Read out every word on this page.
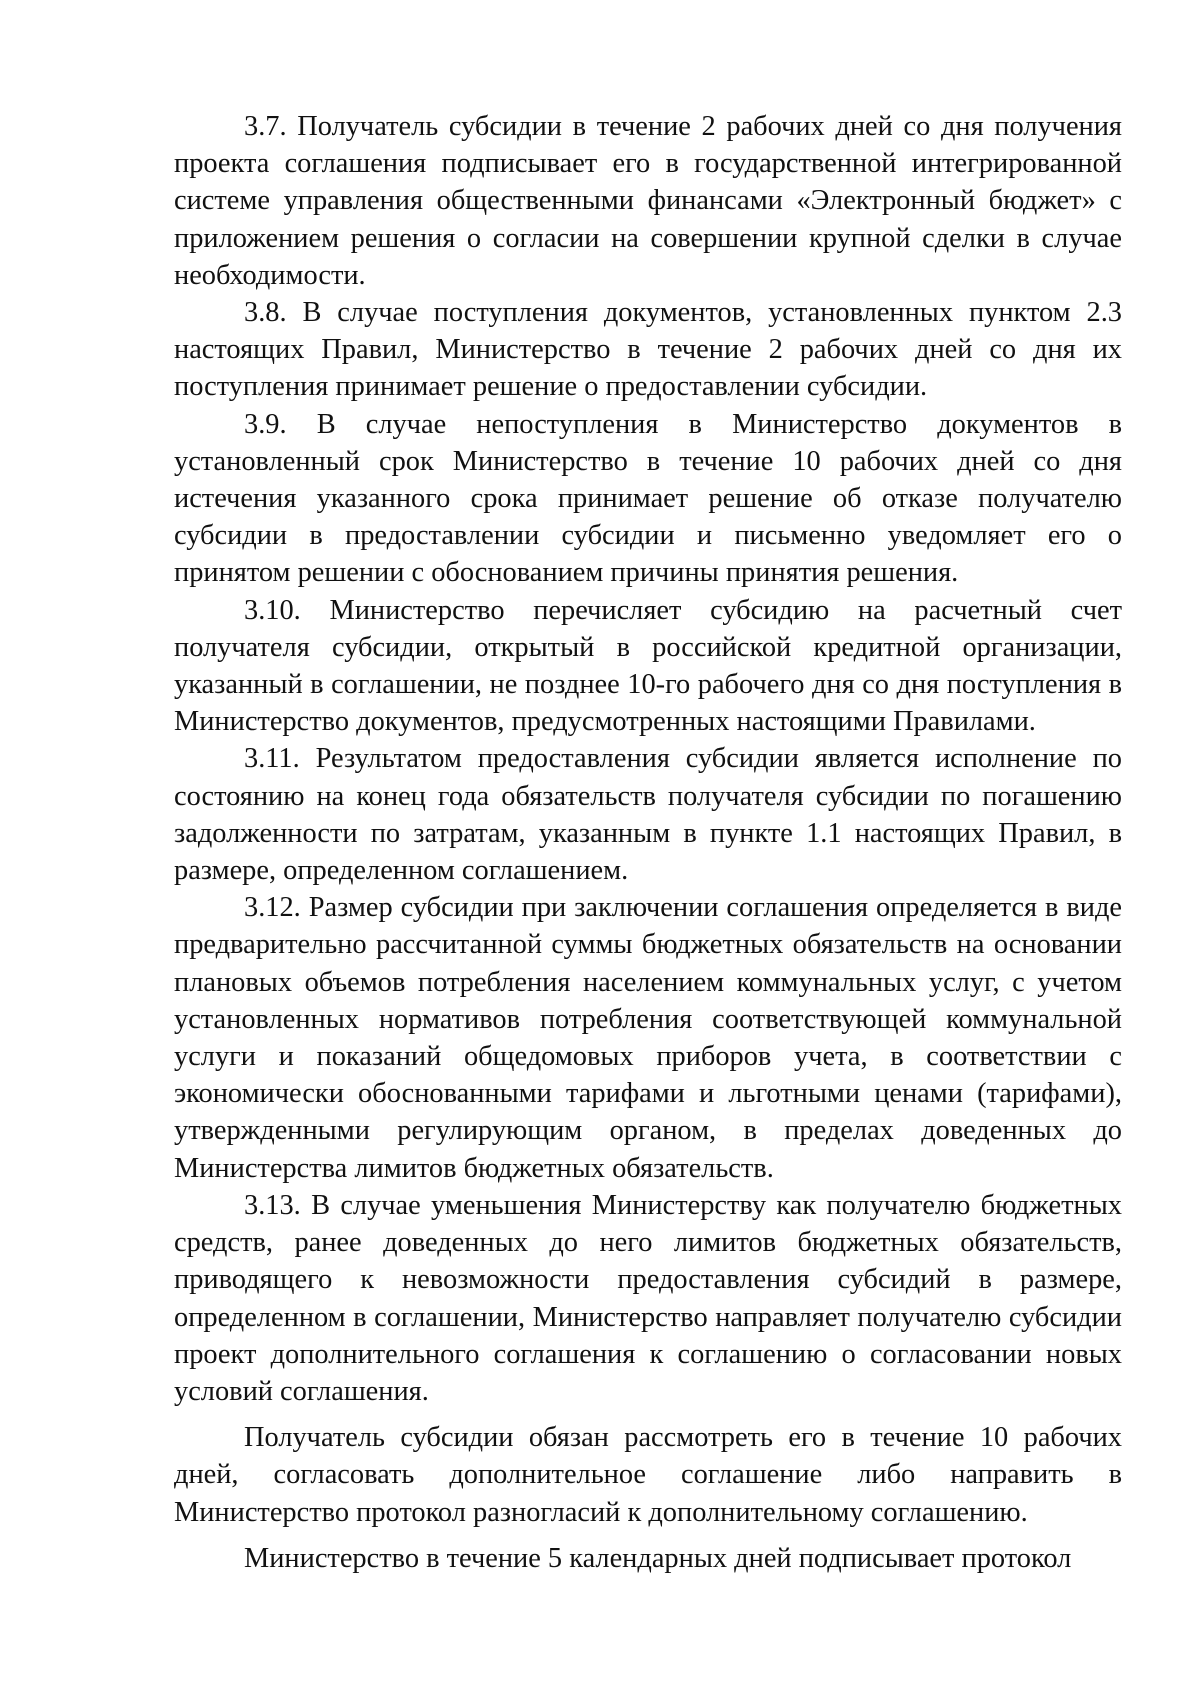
3.7. Получатель субсидии в течение 2 рабочих дней со дня получения проекта соглашения подписывает его в государственной интегрированной системе управления общественными финансами «Электронный бюджет» с приложением решения о согласии на совершении крупной сделки в случае необходимости.

3.8. В случае поступления документов, установленных пунктом 2.3 настоящих Правил, Министерство в течение 2 рабочих дней со дня их поступления принимает решение о предоставлении субсидии.

3.9. В случае непоступления в Министерство документов в установленный срок Министерство в течение 10 рабочих дней со дня истечения указанного срока принимает решение об отказе получателю субсидии в предоставлении субсидии и письменно уведомляет его о принятом решении с обоснованием причины принятия решения.

3.10. Министерство перечисляет субсидию на расчетный счет получателя субсидии, открытый в российской кредитной организации, указанный в соглашении, не позднее 10-го рабочего дня со дня поступления в Министерство документов, предусмотренных настоящими Правилами.

3.11. Результатом предоставления субсидии является исполнение по состоянию на конец года обязательств получателя субсидии по погашению задолженности по затратам, указанным в пункте 1.1 настоящих Правил, в размере, определенном соглашением.

3.12. Размер субсидии при заключении соглашения определяется в виде предварительно рассчитанной суммы бюджетных обязательств на основании плановых объемов потребления населением коммунальных услуг, с учетом установленных нормативов потребления соответствующей коммунальной услуги и показаний общедомовых приборов учета, в соответствии с экономически обоснованными тарифами и льготными ценами (тарифами), утвержденными регулирующим органом, в пределах доведенных до Министерства лимитов бюджетных обязательств.

3.13. В случае уменьшения Министерству как получателю бюджетных средств, ранее доведенных до него лимитов бюджетных обязательств, приводящего к невозможности предоставления субсидий в размере, определенном в соглашении, Министерство направляет получателю субсидии проект дополнительного соглашения к соглашению о согласовании новых условий соглашения.

Получатель субсидии обязан рассмотреть его в течение 10 рабочих дней, согласовать дополнительное соглашение либо направить в Министерство протокол разногласий к дополнительному соглашению.

Министерство в течение 5 календарных дней подписывает протокол
